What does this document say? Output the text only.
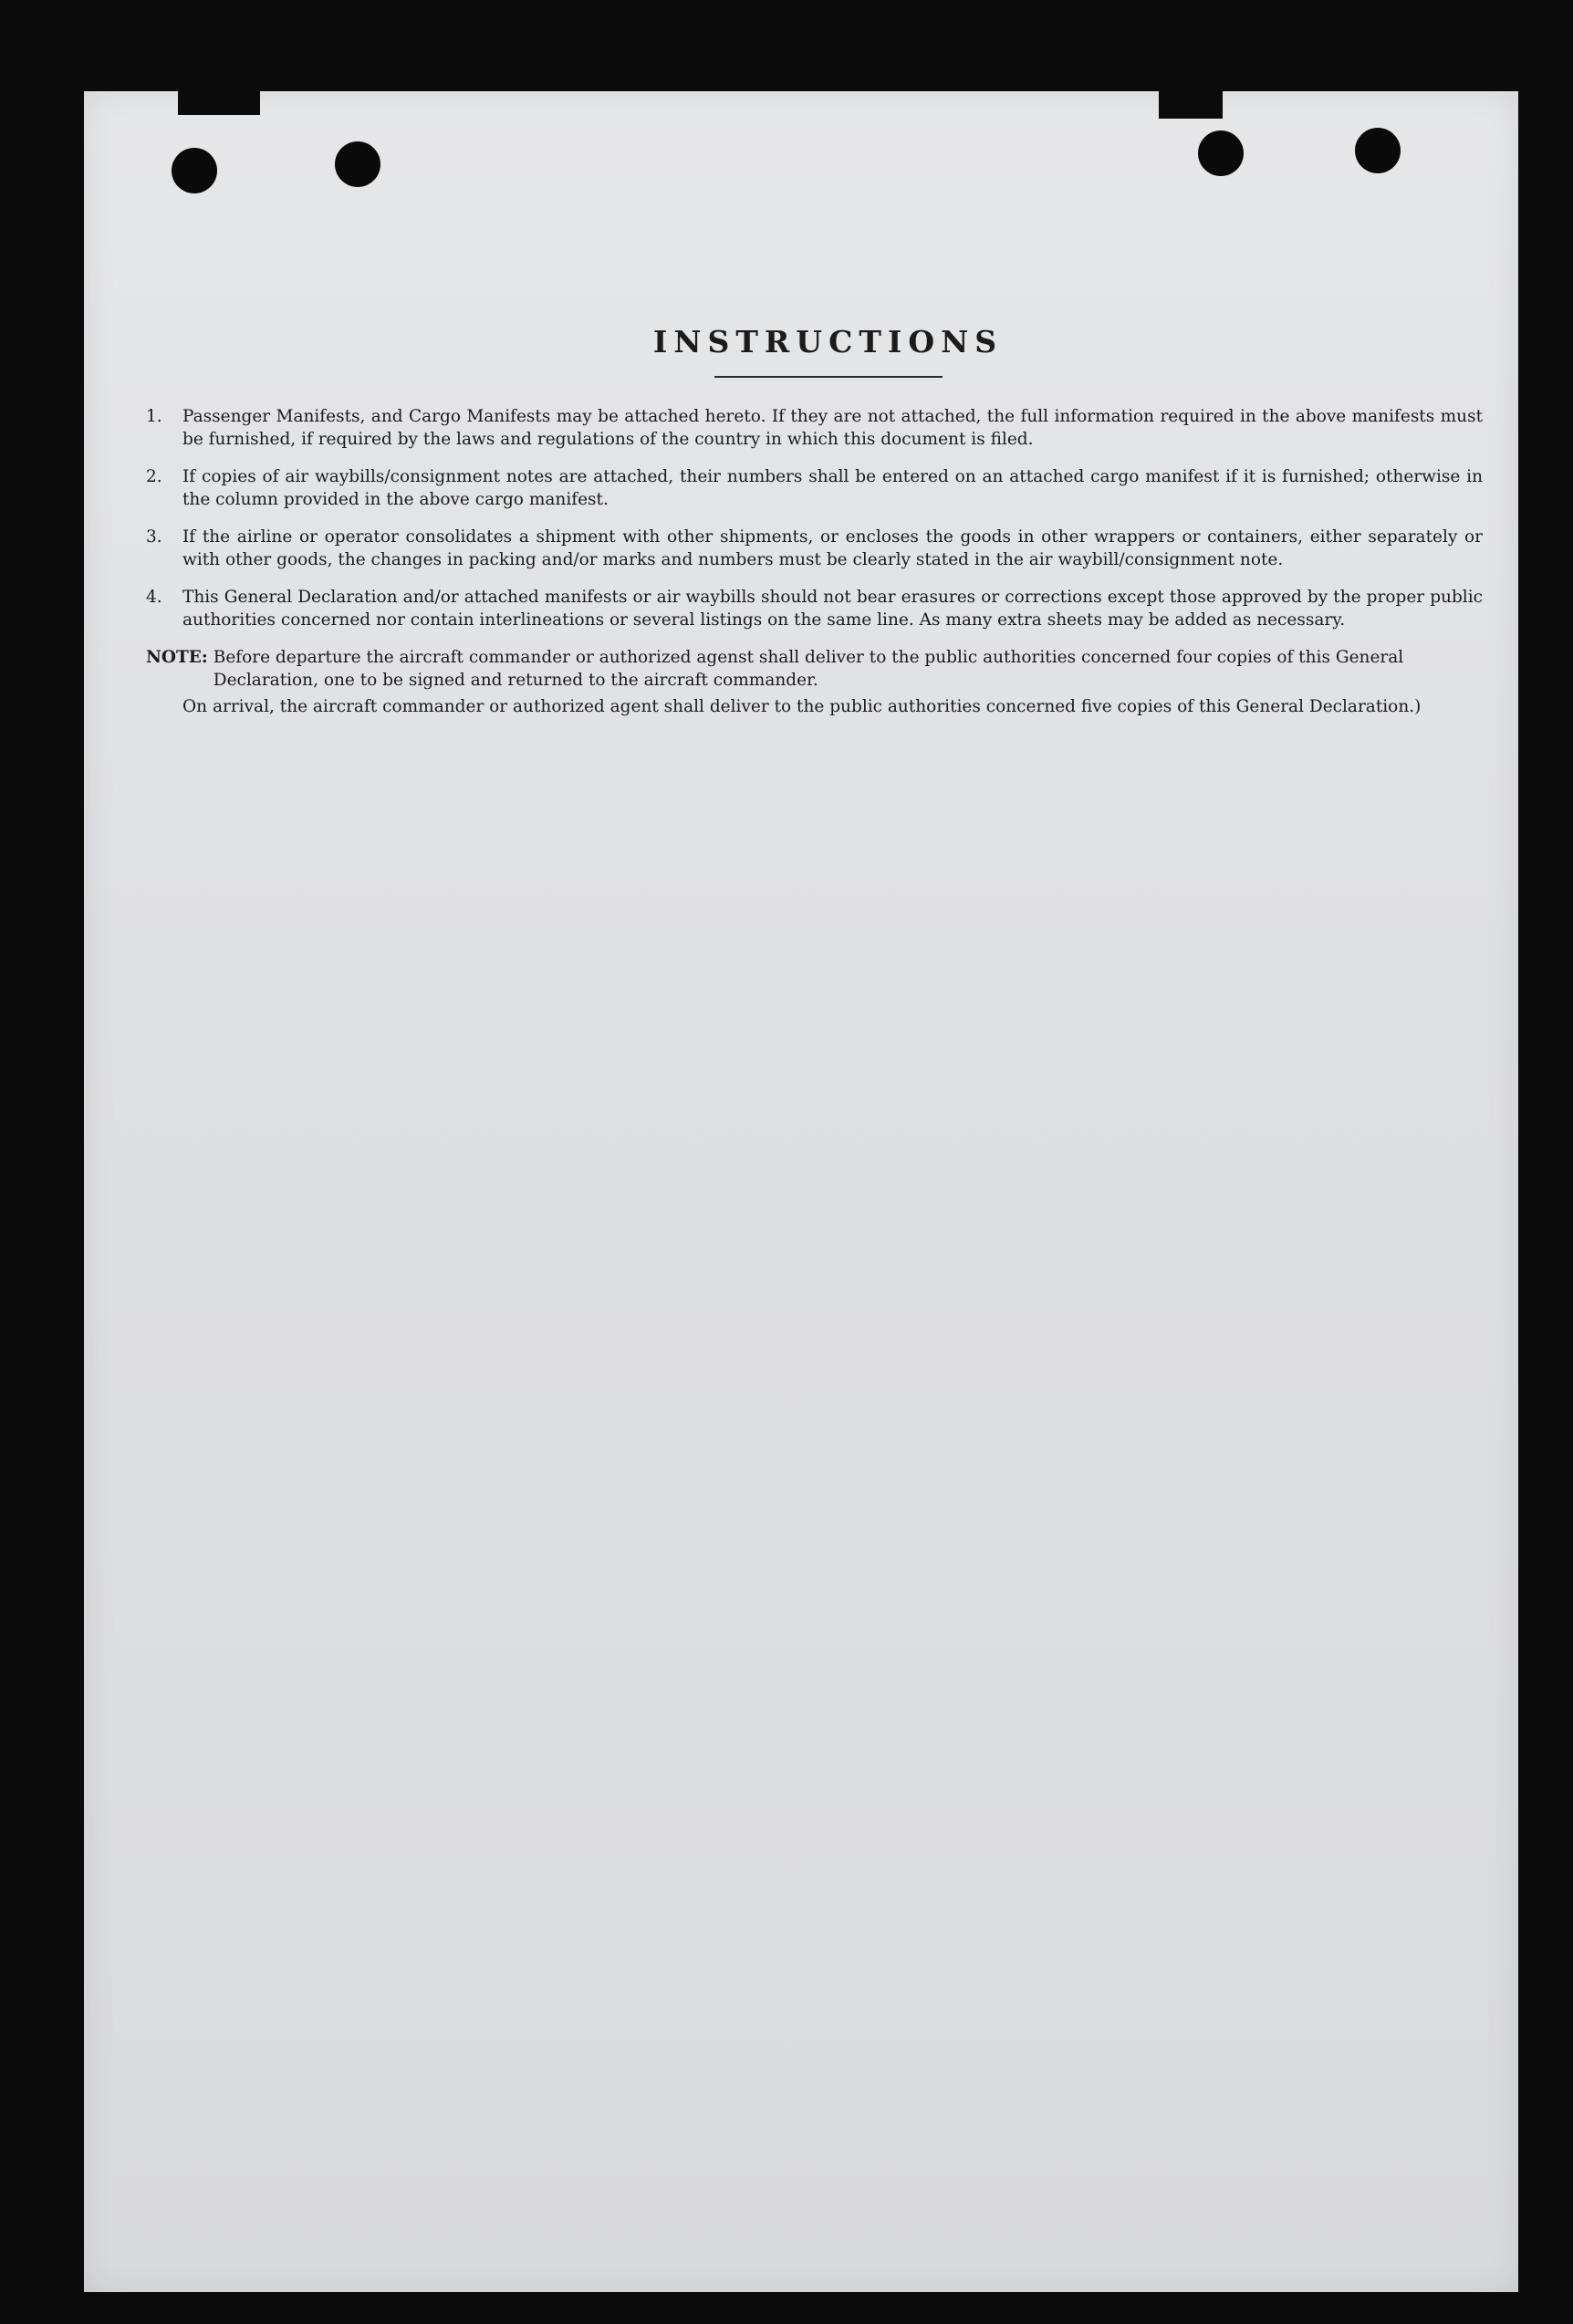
INSTRUCTIONS
1.	Passenger Manifests, and Cargo Manifests may be attached hereto. If they are not attached, the full information required in the above manifests must be furnished, if required by the laws and regulations of the country in which this document is filed.
2.	If copies of air waybills/consignment notes are attached, their numbers shall be entered on an attached cargo manifest if it is furnished; otherwise in the column provided in the above cargo manifest.
3.	If the airline or operator consolidates a shipment with other shipments, or encloses the goods in other wrappers or containers, either separately or with other goods, the changes in packing and/or marks and numbers must be clearly stated in the air waybill/consignment note.
4.	This General Declaration and/or attached manifests or air waybills should not bear erasures or corrections except those approved by the proper public authorities concerned nor contain interlineations or several listings on the same line. As many extra sheets may be added as necessary.
NOTE: Before departure the aircraft commander or authorized agenst shall deliver to the public authorities concerned four copies of this General Declaration, one to be signed and returned to the aircraft commander.
On arrival, the aircraft commander or authorized agent shall deliver to the public authorities concerned five copies of this General Declaration.)
